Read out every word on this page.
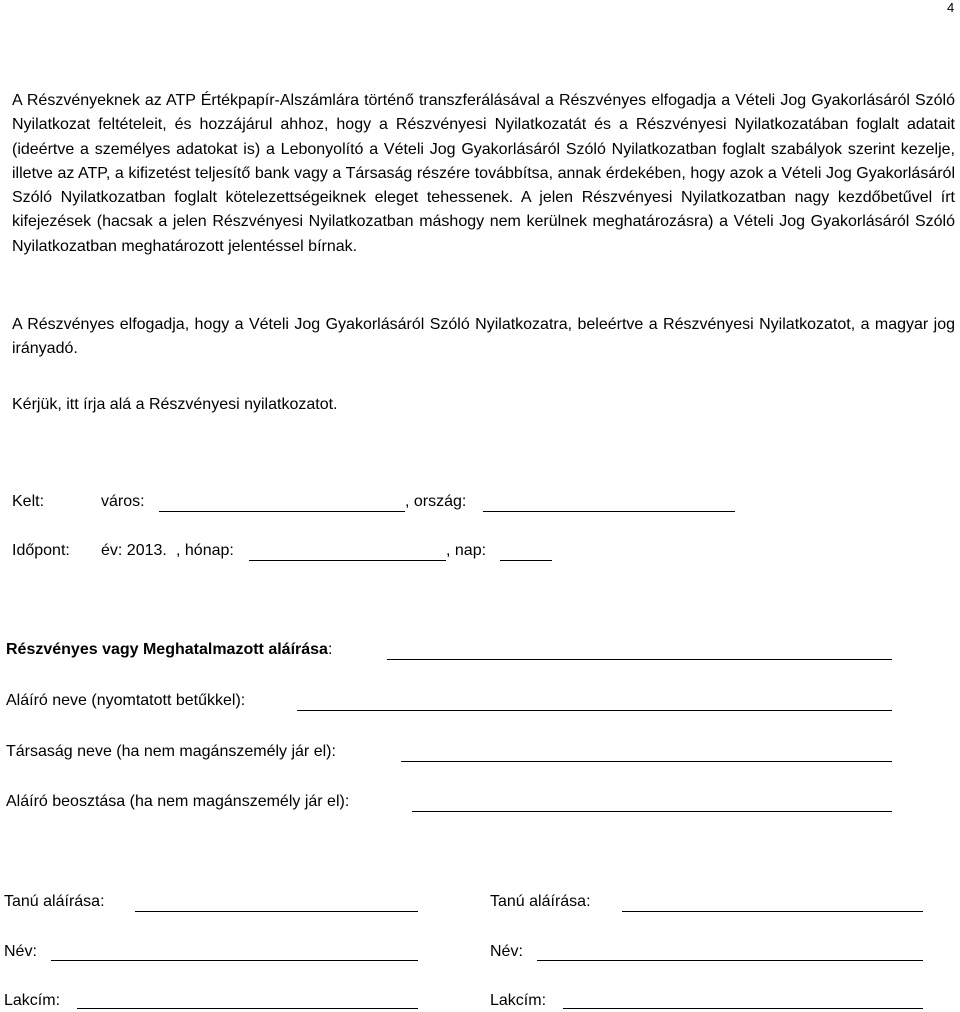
4

A Részvényeknek az ATP Értékpapír-Alszámlára történő transzferálásával a Részvényes elfogadja a Vételi Jog Gyakorlásáról Szóló Nyilatkozat feltételeit, és hozzájárul ahhoz, hogy a Részvényesi Nyilatkozatát és a Részvényesi Nyilatkozatában foglalt adatait (ideértve a személyes adatokat is) a Lebonyolító a Vételi Jog Gyakorlásáról Szóló Nyilatkozatban foglalt szabályok szerint kezelje, illetve az ATP, a kifizetést teljesítő bank vagy a Társaság részére továbbítsa, annak érdekében, hogy azok a Vételi Jog Gyakorlásáról Szóló Nyilatkozatban foglalt kötelezettségeiknek eleget tehessenek. A jelen Részvényesi Nyilatkozatban nagy kezdőbetűvel írt kifejezések (hacsak a jelen Részvényesi Nyilatkozatban máshogy nem kerülnek meghatározásra) a Vételi Jog Gyakorlásáról Szóló Nyilatkozatban meghatározott jelentéssel bírnak.

A Részvényes elfogadja, hogy a Vételi Jog Gyakorlásáról Szóló Nyilatkozatra, beleértve a Részvényesi Nyilatkozatot, a magyar jog irányadó.

Kérjük, itt írja alá a Részvényesi nyilatkozatot.

Kelt:	város:	, ország:
Időpont: év: 2013. , hónap:	, nap:
Részvényes vagy Meghatalmazott aláírása:
Aláíró neve (nyomtatott betűkkel):
Társaság neve (ha nem magánszemély jár el):
Aláíró beosztása (ha nem magánszemély jár el):
Tanú aláírása:
Név:
Lakcím:
Tanú aláírása:
Név:
Lakcím:
